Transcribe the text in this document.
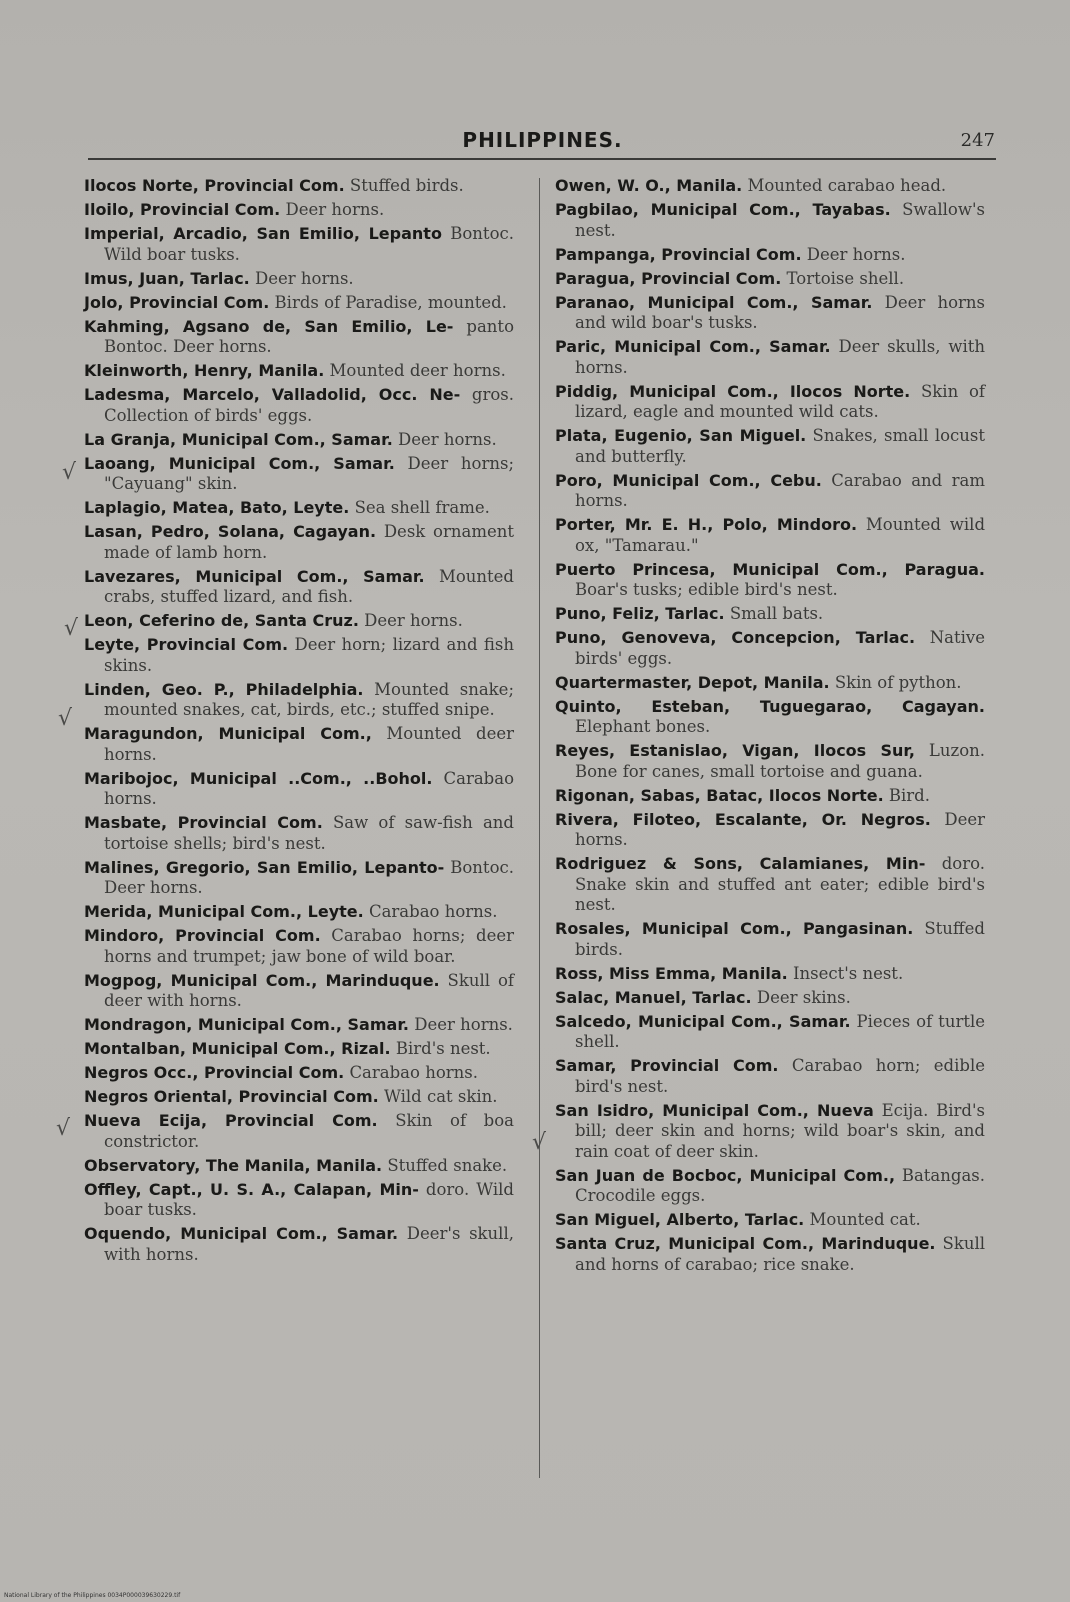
PHILIPPINES.	247
Ilocos Norte, Provincial Com. Stuffed birds.
Iloilo, Provincial Com. Deer horns.
Imperial, Arcadio, San Emilio, Lepanto Bontoc. Wild boar tusks.
Imus, Juan, Tarlac. Deer horns.
Jolo, Provincial Com. Birds of Paradise, mounted.
Kahming, Agsano de, San Emilio, Le- panto Bontoc. Deer horns.
Kleinworth, Henry, Manila. Mounted deer horns.
Ladesma, Marcelo, Valladolid, Occ. Ne- gros. Collection of birds' eggs.
La Granja, Municipal Com., Samar. Deer horns.
Laoang, Municipal Com., Samar. Deer horns; "Cayuang" skin.
Laplagio, Matea, Bato, Leyte. Sea shell frame.
Lasan, Pedro, Solana, Cagayan. Desk ornament made of lamb horn.
Lavezares, Municipal Com., Samar. Mounted crabs, stuffed lizard, and fish.
Leon, Ceferino de, Santa Cruz. Deer horns.
Leyte, Provincial Com. Deer horn; lizard and fish skins.
Linden, Geo. P., Philadelphia. Mounted snake; mounted snakes, cat, birds, etc.; stuffed snipe.
Maragundon, Municipal Com., Mounted deer horns.
Maribojoc, Municipal ..Com., ..Bohol. Carabao horns.
Masbate, Provincial Com. Saw of saw-fish and tortoise shells; bird's nest.
Malines, Gregorio, San Emilio, Lepanto- Bontoc. Deer horns.
Merida, Municipal Com., Leyte. Carabao horns.
Mindoro, Provincial Com. Carabao horns; deer horns and trumpet; jaw bone of wild boar.
Mogpog, Municipal Com., Marinduque. Skull of deer with horns.
Mondragon, Municipal Com., Samar. Deer horns.
Montalban, Municipal Com., Rizal. Bird's nest.
Negros Occ., Provincial Com. Carabao horns.
Negros Oriental, Provincial Com. Wild cat skin.
Nueva Ecija, Provincial Com. Skin of boa constrictor.
Observatory, The Manila, Manila. Stuffed snake.
Offley, Capt., U. S. A., Calapan, Min- doro. Wild boar tusks.
Oquendo, Municipal Com., Samar. Deer's skull, with horns.
Owen, W. O., Manila. Mounted carabao head.
Pagbilao, Municipal Com., Tayabas. Swallow's nest.
Pampanga, Provincial Com. Deer horns.
Paragua, Provincial Com. Tortoise shell.
Paranao, Municipal Com., Samar. Deer horns and wild boar's tusks.
Paric, Municipal Com., Samar. Deer skulls, with horns.
Piddig, Municipal Com., Ilocos Norte. Skin of lizard, eagle and mounted wild cats.
Plata, Eugenio, San Miguel. Snakes, small locust and butterfly.
Poro, Municipal Com., Cebu. Carabao and ram horns.
Porter, Mr. E. H., Polo, Mindoro. Mounted wild ox, "Tamarau."
Puerto Princesa, Municipal Com., Paragua. Boar's tusks; edible bird's nest.
Puno, Feliz, Tarlac. Small bats.
Puno, Genoveva, Concepcion, Tarlac. Native birds' eggs.
Quartermaster, Depot, Manila. Skin of python.
Quinto, Esteban, Tuguegarao, Cagayan. Elephant bones.
Reyes, Estanislao, Vigan, Ilocos Sur, Luzon. Bone for canes, small tortoise and guana.
Rigonan, Sabas, Batac, Ilocos Norte. Bird.
Rivera, Filoteo, Escalante, Or. Negros. Deer horns.
Rodriguez & Sons, Calamianes, Min- doro. Snake skin and stuffed ant eater; edible bird's nest.
Rosales, Municipal Com., Pangasinan. Stuffed birds.
Ross, Miss Emma, Manila. Insect's nest.
Salac, Manuel, Tarlac. Deer skins.
Salcedo, Municipal Com., Samar. Pieces of turtle shell.
Samar, Provincial Com. Carabao horn; edible bird's nest.
San Isidro, Municipal Com., Nueva Ecija. Bird's bill; deer skin and horns; wild boar's skin, and rain coat of deer skin.
San Juan de Bocboc, Municipal Com., Batangas. Crocodile eggs.
San Miguel, Alberto, Tarlac. Mounted cat.
Santa Cruz, Municipal Com., Marinduque. Skull and horns of carabao; rice snake.
√
√
√
√
√
National Library of the Philippines 0034P000039630229.tif
